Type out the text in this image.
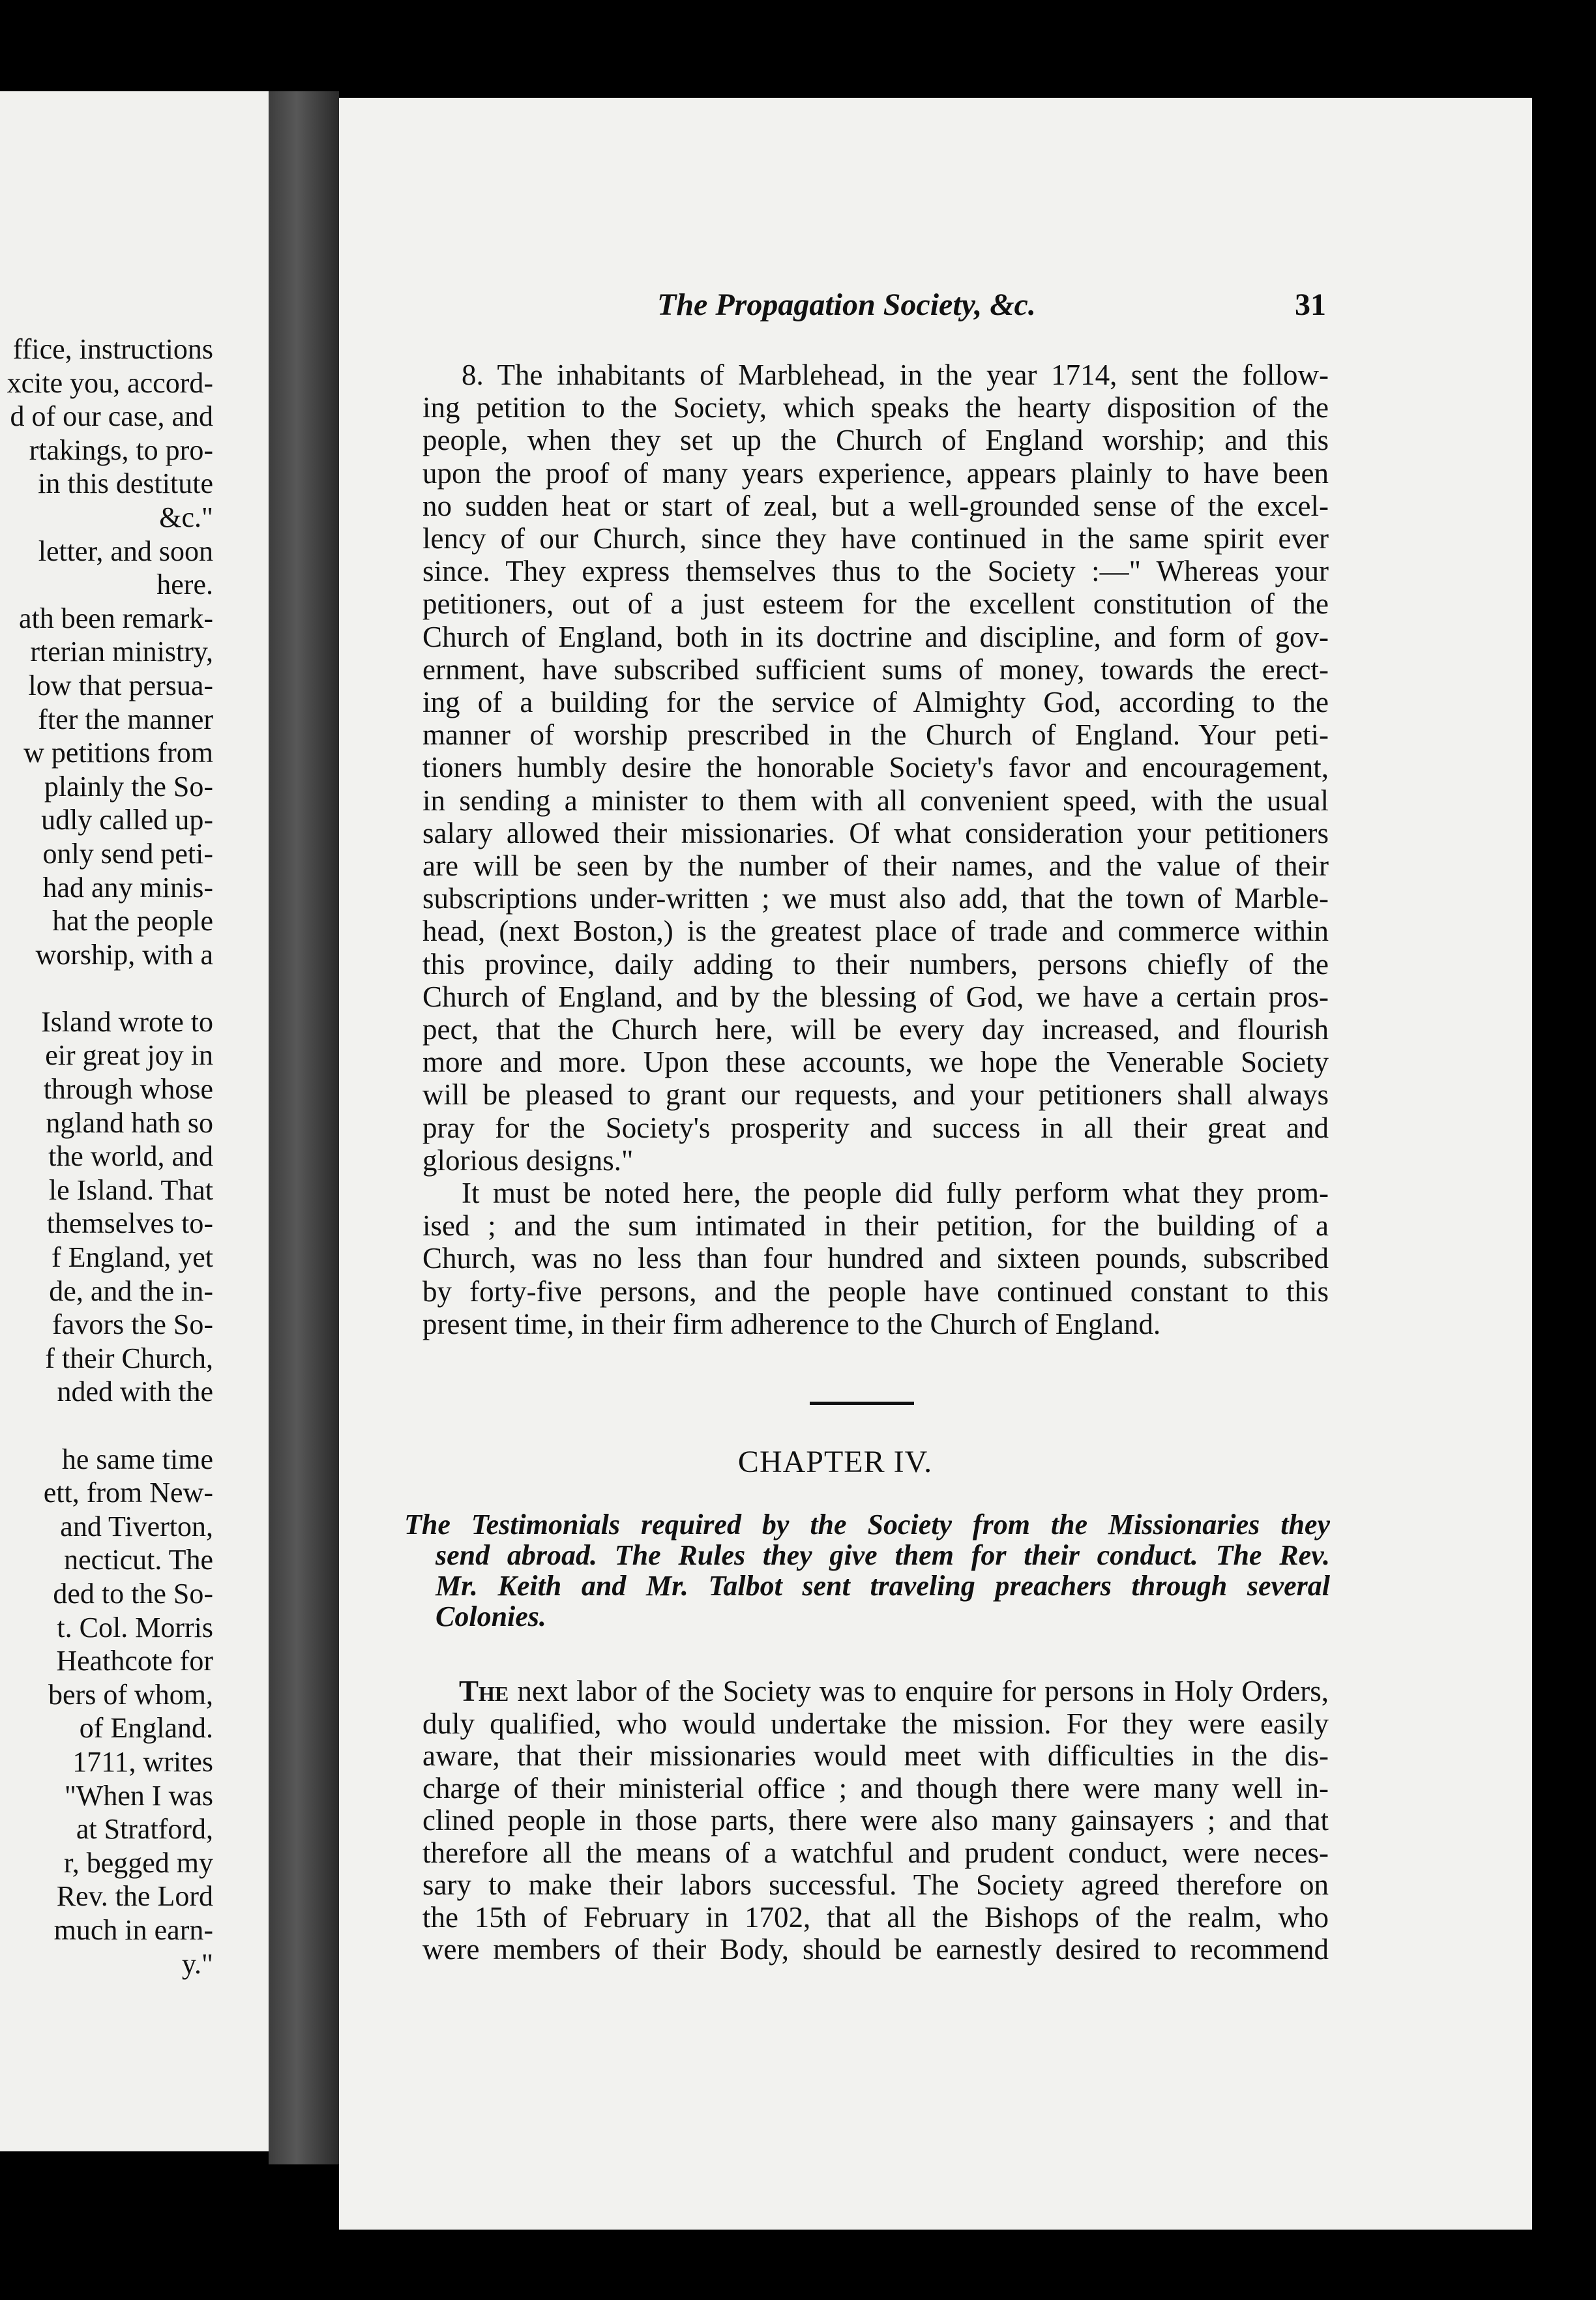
ffice, instructions
xcite you, accord-
d of our case, and
rtakings, to pro-
in this destitute
&c."
letter, and soon
here.
ath been remark-
rterian ministry,
low that persua-
fter the manner
w petitions from
plainly the So-
udly called up-
only send peti-
had any minis-
hat the people
worship, with a
Island wrote to
eir great joy in
through whose
ngland hath so
the world, and
le Island. That
themselves to-
f England, yet
de, and the in-
favors the So-
f their Church,
nded with the
he same time
ett, from New-
and Tiverton,
necticut. The
ded to the So-
t. Col. Morris
Heathcote for
bers of whom,
of England.
1711, writes
"When I was
at Stratford,
r, begged my
Rev. the Lord
much in earn-
y."
The Propagation Society, &c.	31
8. The inhabitants of Marblehead, in the year 1714, sent the follow-
ing petition to the Society, which speaks the hearty disposition of the
people, when they set up the Church of England worship; and this
upon the proof of many years experience, appears plainly to have been
no sudden heat or start of zeal, but a well-grounded sense of the excel-
lency of our Church, since they have continued in the same spirit ever
since. They express themselves thus to the Society :—" Whereas your
petitioners, out of a just esteem for the excellent constitution of the
Church of England, both in its doctrine and discipline, and form of gov-
ernment, have subscribed sufficient sums of money, towards the erect-
ing of a building for the service of Almighty God, according to the
manner of worship prescribed in the Church of England. Your peti-
tioners humbly desire the honorable Society's favor and encouragement,
in sending a minister to them with all convenient speed, with the usual
salary allowed their missionaries. Of what consideration your petitioners
are will be seen by the number of their names, and the value of their
subscriptions under-written ; we must also add, that the town of Marble-
head, (next Boston,) is the greatest place of trade and commerce within
this province, daily adding to their numbers, persons chiefly of the
Church of England, and by the blessing of God, we have a certain pros-
pect, that the Church here, will be every day increased, and flourish
more and more. Upon these accounts, we hope the Venerable Society
will be pleased to grant our requests, and your petitioners shall always
pray for the Society's prosperity and success in all their great and
glorious designs."
It must be noted here, the people did fully perform what they prom-
ised ; and the sum intimated in their petition, for the building of a
Church, was no less than four hundred and sixteen pounds, subscribed
by forty-five persons, and the people have continued constant to this
present time, in their firm adherence to the Church of England.
CHAPTER IV.
The Testimonials required by the Society from the Missionaries they
send abroad. The Rules they give them for their conduct. The Rev.
Mr. Keith and Mr. Talbot sent traveling preachers through several
Colonies.
The next labor of the Society was to enquire for persons in Holy Orders,
duly qualified, who would undertake the mission. For they were easily
aware, that their missionaries would meet with difficulties in the dis-
charge of their ministerial office ; and though there were many well in-
clined people in those parts, there were also many gainsayers ; and that
therefore all the means of a watchful and prudent conduct, were neces-
sary to make their labors successful. The Society agreed therefore on
the 15th of February in 1702, that all the Bishops of the realm, who
were members of their Body, should be earnestly desired to recommend
